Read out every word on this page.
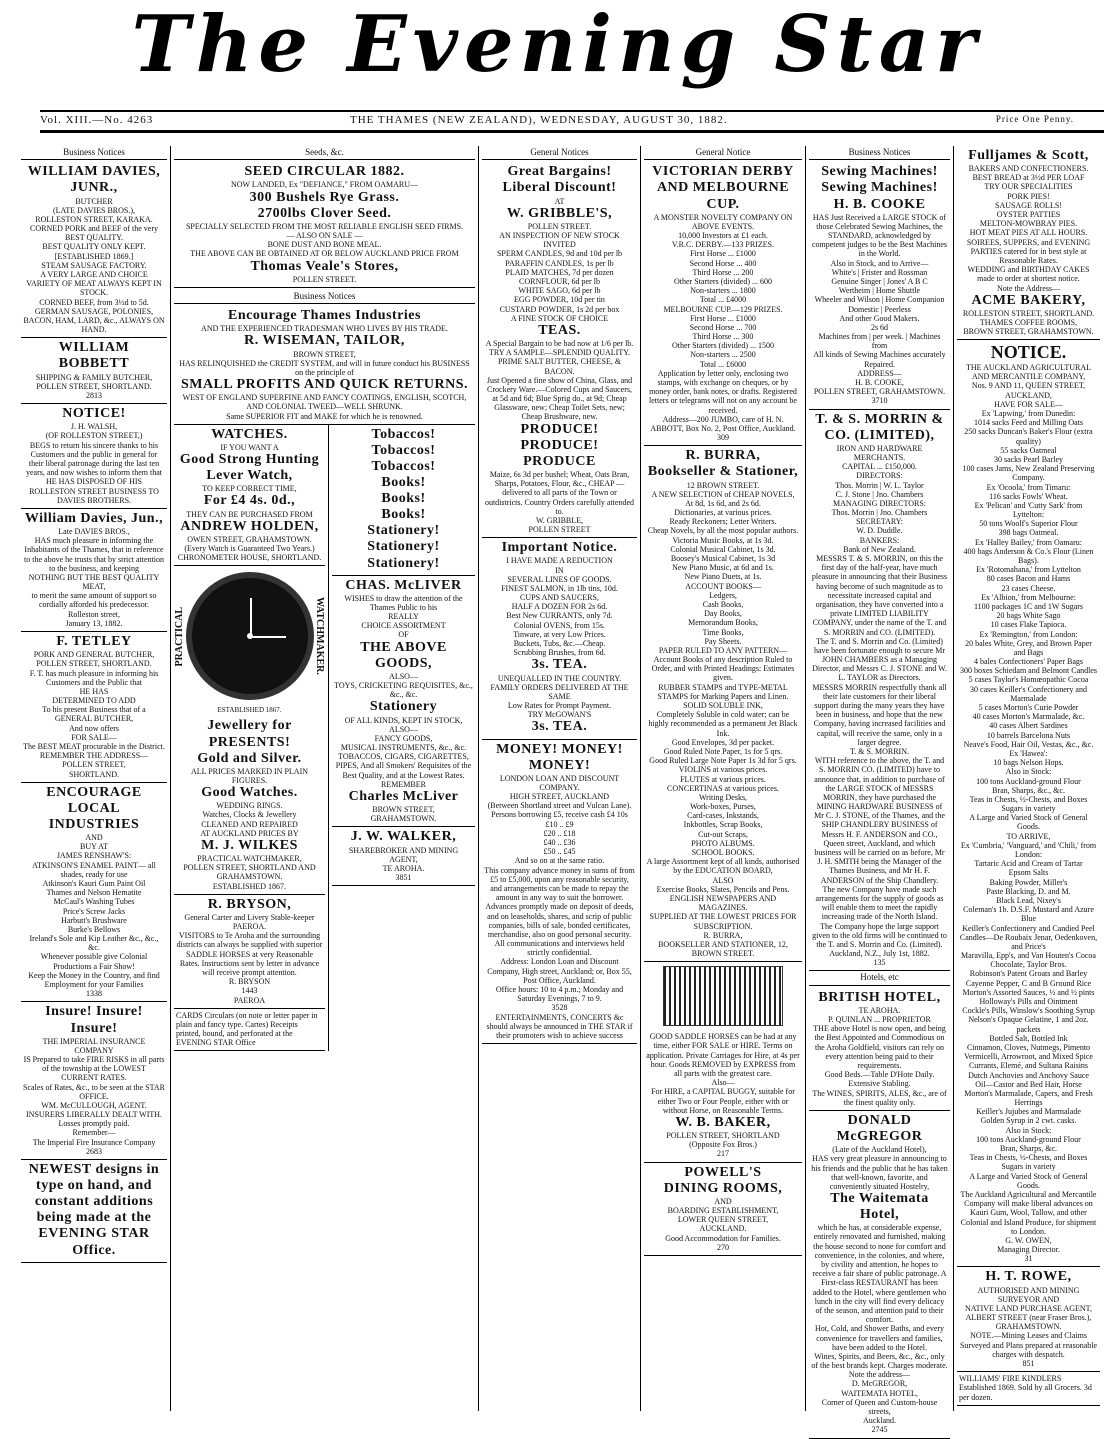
The Evening Star
Vol. XIII.—No. 4263	THE THAMES (NEW ZEALAND), WEDNESDAY, AUGUST 30, 1882.	Price One Penny.
Business Notices
WILLIAM DAVIES, JUNR.,
BUTCHER
(LATE DAVIES BROS.),
ROLLESTON STREET, KARAKA.
CORNED PORK and BEEF of the very BEST QUALITY.
BEST QUALITY ONLY KEPT.
[ESTABLISHED 1869.]
STEAM SAUSAGE FACTORY.
A VERY LARGE AND CHOICE VARIETY OF MEAT ALWAYS KEPT IN STOCK.
CORNED BEEF, from 3½d to 5d.
GERMAN SAUSAGE, POLONIES, BACON, HAM, LARD, &c., ALWAYS ON HAND.
WILLIAM BOBBETT
SHIPPING & FAMILY BUTCHER, POLLEN STREET, SHORTLAND.
2813
NOTICE!
J. H. WALSH,
(OF ROLLESTON STREET,)
BEGS to return his sincere thanks to his Customers and the public in general for their liberal patronage during the last ten years, and now wishes to inform them that
HE HAS DISPOSED OF HIS
ROLLESTON STREET BUSINESS TO
DAVIES BROTHERS.
William Davies, Jun.,
Late DAVIES BROS.,
HAS much pleasure in informing the Inhabitants of the Thames, that in reference to the above he trusts that by strict attention to the business, and keeping
NOTHING BUT THE BEST QUALITY MEAT,
to merit the same amount of support so cordially afforded his predecessor.
Rolleston street,
January 13, 1882.
F. TETLEY
PORK AND GENERAL BUTCHER,
POLLEN STREET, SHORTLAND.
F. T. has much pleasure in informing his Customers and the Public that
HE HAS
DETERMINED TO ADD
To his present Business that of a
GENERAL BUTCHER,
And now offers
FOR SALE—
The BEST MEAT procurable in the District.
REMEMBER THE ADDRESS—
POLLEN STREET,
SHORTLAND.
ENCOURAGE LOCAL INDUSTRIES
AND
BUY AT
JAMES RENSHAW'S:
ATKINSON'S ENAMEL PAINT— all shades, ready for use
Atkinson's Kauri Gum Paint Oil
Thames and Nelson Hematite
McCaul's Washing Tubes
Price's Screw Jacks
Harbutt's Brushware
Burke's Bellows
Ireland's Sole and Kip Leather &c., &c., &c.
Whenever possible give Colonial Productions a Fair Show!
Keep the Money in the Country, and find Employment for your Families
1338
Insure! Insure! Insure!
THE IMPERIAL INSURANCE COMPANY
IS Prepared to take FIRE RISKS in all parts of the township at the LOWEST CURRENT RATES.
Scales of Rates, &c., to be seen at the STAR OFFICE.
WM. McCULLOUGH, AGENT.
INSURERS LIBERALLY DEALT WITH. Losses promptly paid.
Remember—
The Imperial Fire Insurance Company
2683
NEWEST designs in type on hand, and constant additions being made at the EVENING STAR Office.
Seeds, &c.
SEED CIRCULAR 1882.
NOW LANDED, Ex "DEFIANCE," FROM OAMARU—
300 Bushels Rye Grass.
2700lbs Clover Seed.
SPECIALLY SELECTED FROM THE MOST RELIABLE ENGLISH SEED FIRMS.
— ALSO ON SALE —
BONE DUST AND BONE MEAL.
THE ABOVE CAN BE OBTAINED AT OR BELOW AUCKLAND PRICE FROM
Thomas Veale's Stores,
POLLEN STREET.
Business Notices
Encourage Thames Industries
AND THE EXPERIENCED TRADESMAN WHO LIVES BY HIS TRADE.
R. WISEMAN, TAILOR,
BROWN STREET,
HAS RELINQUISHED the CREDIT SYSTEM, and will in future conduct his BUSINESS on the principle of
SMALL PROFITS AND QUICK RETURNS.
WEST OF ENGLAND SUPERFINE AND FANCY COATINGS, ENGLISH, SCOTCH, AND COLONIAL TWEED—WELL SHRUNK.
Same SUPERIOR FIT and MAKE for which he is renowned.
WATCHES.
IF YOU WANT A
Good Strong Hunting Lever Watch,
TO KEEP CORRECT TIME,
For £4 4s. 0d.,
THEY CAN BE PURCHASED FROM
ANDREW HOLDEN,
OWEN STREET, GRAHAMSTOWN.
(Every Watch is Guaranteed Two Years.)
CHRONOMETER HOUSE, SHORTLAND.
PRACTICAL	WATCHMAKER.
ESTABLISHED 1867.
Jewellery for
PRESENTS!
Gold and Silver.
ALL PRICES MARKED IN PLAIN FIGURES.
Good Watches.
WEDDING RINGS.
Watches, Clocks & Jewellery
CLEANED AND REPAIRED
AT AUCKLAND PRICES BY
M. J. WILKES
PRACTICAL WATCHMAKER,
POLLEN STREET, SHORTLAND AND GRAHAMSTOWN.
ESTABLISHED 1867.
R. BRYSON,
General Carter and Livery Stable-keeper
PAEROA.
VISITORS to Te Aroha and the surrounding districts can always be supplied with superior SADDLE HORSES at very Reasonable Rates. Instructions sent by letter in advance will receive prompt attention.
R. BRYSON
1443
PAEROA
CARDS Circulars (on note or letter paper in plain and fancy type. Cartes) Receipts printed, bound, and perforated at the EVENING STAR Office
Tobaccos!
Tobaccos!
Tobaccos!
Books!
Books!
Books!
Stationery!
Stationery!
Stationery!
CHAS. McLIVER
WISHES to draw the attention of the Thames Public to his
REALLY
CHOICE ASSORTMENT
OF
THE ABOVE GOODS,
ALSO—
TOYS, CRICKETING REQUISITES, &c., &c., &c.
Stationery
OF ALL KINDS, KEPT IN STOCK,
ALSO—
FANCY GOODS,
MUSICAL INSTRUMENTS, &c., &c.
TOBACCOS, CIGARS, CIGARETTES, PIPES, And all Smokers' Requisites of the Best Quality, and at the Lowest Rates.
REMEMBER
Charles McLiver
BROWN STREET,
GRAHAMSTOWN.
J. W. WALKER,
SHAREBROKER AND MINING AGENT,
TE AROHA.
3851
General Notices
Great Bargains!
Liberal Discount!
AT
W. GRIBBLE'S,
POLLEN STREET.
AN INSPECTION OF NEW STOCK INVITED
SPERM CANDLES, 9d and 10d per lb
PARAFFIN CANDLES, 1s per lb
PLAID MATCHES, 7d per dozen
CORNFLOUR, 6d per lb
WHITE SAGO, 6d per lb
EGG POWDER, 10d per tin
CUSTARD POWDER, 1s 2d per box
A FINE STOCK OF CHOICE
TEAS.
A Special Bargain to be had now at 1/6 per lb. TRY A SAMPLE—SPLENDID QUALITY.
PRIME SALT BUTTER, CHEESE, & BACON.
Just Opened a fine show of China, Glass, and Crockery Ware.—Colored Cups and Saucers, at 5d and 6d; Blue Sprig do., at 9d; Cheap Glassware, new; Cheap Toilet Sets, new; Cheap Brushware, new.
PRODUCE! PRODUCE! PRODUCE
Maize, 6s 3d per bushel; Wheat, Oats Bran, Sharps, Potatoes, Flour, &c., CHEAP —delivered to all parts of the Town or outdistricts. Country Orders carefully attended to.
W. GRIBBLE,
POLLEN STREET
Important Notice.
I HAVE MADE A REDUCTION
IN
SEVERAL LINES OF GOODS.
FINEST SALMON, in 1lb tins, 10d.
CUPS AND SAUCERS,
HALF A DOZEN FOR 2s 6d.
Best New CURRANTS, only 7d.
Colonial OVENS, from 15s.
Tinware, at very Low Prices.
Buckets, Tubs, &c.—Cheap.
Scrubbing Brushes, from 6d.
3s. TEA.
UNEQUALLED IN THE COUNTRY.
FAMILY ORDERS DELIVERED AT THE SAME
Low Rates for Prompt Payment.
TRY McGOWAN'S
3s. TEA.
MONEY! MONEY! MONEY!
LONDON LOAN AND DISCOUNT COMPANY.
HIGH STREET, AUCKLAND
(Between Shortland street and Vulcan Lane).
Persons borrowing £5, receive cash £4 10s
£10 .. £9
£20 .. £18
£40 .. £36
£50 .. £45
And so on at the same ratio.
This company advance money in sums of from £5 to £5,000, upon any reasonable security, and arrangements can be made to repay the amount in any way to suit the borrower.
Advances promptly made on deposit of deeds, and on leaseholds, shares, and scrip of public companies, bills of sale, bonded certificates, merchandise, also on good personal security.
All communications and interviews held strictly confidential.
Address: London Loan and Discount Company, High street, Auckland; or, Box 55, Post Office, Auckland.
Office hours: 10 to 4 p.m.; Monday and Saturday Evenings, 7 to 9.
3528
ENTERTAINMENTS, CONCERTS &c should always be announced in THE STAR if their promoters wish to achieve success
General Notice
VICTORIAN DERBY AND MELBOURNE CUP.
A MONSTER NOVELTY COMPANY ON ABOVE EVENTS.
10,000 Investors at £1 each.
V.R.C. DERBY.—133 PRIZES.
First Horse ... £1000
Second Horse ... 400
Third Horse ... 200
Other Starters (divided) ... 600
Non-starters ... 1800
Total ... £4000
MELBOURNE CUP.—129 PRIZES.
First Horse ... £1000
Second Horse ... 700
Third Horse ... 300
Other Starters (divided) ... 1500
Non-starters ... 2500
Total ... £6000
Application by letter only, enclosing two stamps, with exchange on cheques, or by money order, bank notes, or drafts. Registered letters or telegrams will not on any account be received.
Address—200 JUMBO, care of H. N. ABBOTT, Box No. 2, Post Office, Auckland.
309
R. BURRA,
Bookseller & Stationer,
12 BROWN STREET.
A NEW SELECTION of CHEAP NOVELS,
At 8d, 1s 6d, and 2s 6d.
Dictionaries, at various prices.
Ready Reckoners; Letter Writers.
Cheap Novels, by all the most popular authors.
Victoria Music Books, at 1s 3d.
Colonial Musical Cabinet, 1s 3d.
Boosey's Musical Cabinet, 1s 3d
New Piano Music, at 6d and 1s.
New Piano Duets, at 1s.
ACCOUNT BOOKS—
Ledgers,
Cash Books,
Day Books,
Memorandum Books,
Time Books,
Pay Sheets.
PAPER RULED TO ANY PATTERN—
Account Books of any description Ruled to Order, and with Printed Headings: Estimates given.
RUBBER STAMPS and TYPE-METAL STAMPS for Marking Papers and Linen.
SOLID SOLUBLE INK,
Completely Soluble in cold water; can be highly recommended as a permanent Jet Black Ink.
Good Envelopes, 3d per packet.
Good Ruled Note Paper, 1s for 5 qrs.
Good Ruled Large Note Paper 1s 3d for 5 qrs.
VIOLINS at various prices.
FLUTES at various prices.
CONCERTINAS at various prices.
Writing Desks,
Work-boxes, Purses,
Card-cases, Inkstands,
Inkbottles, Scrap Books,
Cut-out Scraps,
PHOTO ALBUMS.
SCHOOL BOOKS.
A large Assortment kept of all kinds, authorised by the EDUCATION BOARD,
ALSO
Exercise Books, Slates, Pencils and Pens.
ENGLISH NEWSPAPERS AND MAGAZINES.
SUPPLIED AT THE LOWEST PRICES FOR SUBSCRIPTION.
R. BURRA,
BOOKSELLER AND STATIONER, 12, BROWN STREET.
GOOD SADDLE HORSES can be had at any time, either FOR SALE or HIRE. Terms on application. Private Carriages for Hire, at 4s per hour. Goods REMOVED by EXPRESS from all parts with the greatest care.
Also—
For HIRE, a CAPITAL BUGGY, suitable for either Two or Four People, either with or without Horse, on Reasonable Terms.
W. B. BAKER,
POLLEN STREET, SHORTLAND
(Opposite Fox Bros.)
217
POWELL'S
DINING ROOMS,
AND
BOARDING ESTABLISHMENT,
LOWER QUEEN STREET,
AUCKLAND.
Good Accommodation for Families.
270
Business Notices
Sewing Machines!
Sewing Machines!
H. B. COOKE
HAS Just Received a LARGE STOCK of those Celebrated Sewing Machines, the STANDARD, acknowledged by competent judges to be the Best Machines in the World.
Also in Stock, and to Arrive—
White's | Frister and Rossman
Genuine Singer | Jones' A B C
Wertheim | Home Shuttle
Wheeler and Wilson | Home Companion
Domestic | Peerless
And other Good Makers.
2s 6d
Machines from | per week. | Machines from
All kinds of Sewing Machines accurately Repaired.
ADDRESS—
H. B. COOKE,
POLLEN STREET, GRAHAMSTOWN.
3710
T. & S. MORRIN & CO. (LIMITED),
IRON AND HARDWARE MERCHANTS.
CAPITAL ... £150,000.
DIRECTORS:
Thos. Morrin | W. L. Taylor
C. J. Stone | Jno. Chambers
MANAGING DIRECTORS:
Thos. Morrin | Jno. Chambers
SECRETARY:
W. D. Duddle.
BANKERS:
Bank of New Zealand.
MESSRS T. & S. MORRIN, on this the first day of the half-year, have much pleasure in announcing that their Business having become of such magnitude as to necessitate increased capital and organisation, they have converted into a private LIMITED LIABILITY COMPANY, under the name of the T. and S. MORRIN and CO. (LIMITED).
The T. and S. Morrin and Co. (Limited) have been fortunate enough to secure Mr JOHN CHAMBERS as a Managing Director, and Messrs C. J. STONE and W. L. TAYLOR as Directors.
MESSRS MORRIN respectfully thank all their late customers for their liberal support during the many years they have been in business, and hope that the new Company, having increased facilities and capital, will receive the same, only in a larger degree.
T. & S. MORRIN.
WITH reference to the above, the T. and S. MORRIN CO. (LIMITED) have to announce that, in addition to purchase of the LARGE STOCK of MESSRS MORRIN, they have purchased the MINING HARDWARE BUSINESS of Mr C. J. STONE, of the Thames, and the SHIP CHANDLERY BUSINESS of Messrs H. F. ANDERSON and CO., Queen street, Auckland, and which business will be carried on as before, Mr J. H. SMITH being the Manager of the Thames Business, and Mr H. F. ANDERSON of the Ship Chandlery.
The new Company have made such arrangements for the supply of goods as will enable them to meet the rapidly increasing trade of the North Island.
The Company hope the large support given to the old firms will be continued to the T. and S. Morrin and Co. (Limited).
Auckland, N.Z., July 1st, 1882.
135
Hotels, etc
BRITISH HOTEL,
TE AROHA.
P. QUINLAN ... PROPRIETOR
THE above Hotel is now open, and being the Best Appointed and Commodious on the Aroha Goldfield, visitors can rely on every attention being paid to their requirements.
Good Beds.—Table D'Hote Daily.
Extensive Stabling.
The WINES, SPIRITS, ALES, &c., are of the finest quality only.
DONALD McGREGOR
(Late of the Auckland Hotel),
HAS very great pleasure in announcing to his friends and the public that he has taken that well-known, favorite, and conveniently situated Hostelry,
The Waitemata Hotel,
which he has, at considerable expense, entirely renovated and furnished, making the house second to none for comfort and convenience, in the colonies, and where, by civility and attention, he hopes to receive a fair share of public patronage. A First-class RESTAURANT has been added to the Hotel, where gentlemen who lunch in the city will find every delicacy of the season, and attention paid to their comfort.
Hot, Cold, and Shower Baths, and every convenience for travellers and families, have been added to the Hotel.
Wines, Spirits, and Beers, &c., &c., only of the best brands kept. Charges moderate.
Note the address—
D. McGREGOR,
WAITEMATA HOTEL,
Corner of Queen and Custom-house streets,
Auckland.
2745
Fulljames & Scott,
BAKERS AND CONFECTIONERS.
BEST BREAD at 3½d PER LOAF
TRY OUR SPECIALITIES
PORK PIES!
SAUSAGE ROLLS!
OYSTER PATTIES
MELTON-MOWBRAY PIES.
HOT MEAT PIES AT ALL HOURS.
SOIREES, SUPPERS, and EVENING PARTIES catered for in best style at Reasonable Rates.
WEDDING and BIRTHDAY CAKES made to order at shortest notice.
Note the Address—
ACME BAKERY,
ROLLESTON STREET, SHORTLAND.
THAMES COFFEE ROOMS,
BROWN STREET, GRAHAMSTOWN.
NOTICE.
THE AUCKLAND AGRICULTURAL AND MERCANTILE COMPANY,
Nos. 9 AND 11, QUEEN STREET, AUCKLAND,
HAVE FOR SALE—
Ex 'Lapwing,' from Dunedin:
1014 sacks Feed and Milling Oats
250 sacks Duncan's Baker's Flour (extra quality)
55 sacks Oatmeal
30 sacks Pearl Barley
100 cases Jams, New Zealand Preserving Company.
Ex 'Ocoola,' from Timaru:
116 sacks Fowls' Wheat.
Ex 'Pelican' and 'Cutty Sark' from Lyttelton:
50 tons Woolf's Superior Flour
398 bags Oatmeal.
Ex 'Halley Bailey,' from Oamaru:
400 bags Anderson & Co.'s Flour (Linen Bags).
Ex 'Rotomahana,' from Lyttelton
80 cases Bacon and Hams
23 cases Cheese.
Ex 'Albion,' from Melbourne:
1100 packages 1C and 1W Sugars
20 bags White Sago
10 cases Flake Tapioca.
Ex 'Remington,' from London:
20 bales White, Grey, and Brown Paper and Bags
4 bales Confectioners' Paper Bags
300 boxes Schiedam and Belmont Candles
5 cases Taylor's Homœopathic Cocoa
30 cases Keiller's Confectionery and Marmalade
5 cases Morton's Curie Powder
40 cases Morton's Marmalade, &c.
40 cases Albert Sardines
10 barrels Barcelona Nuts
Neave's Food, Hair Oil, Vestas, &c., &c.
Ex 'Hawea':
10 bags Nelson Hops.
Also in Stock:
100 tons Auckland-ground Flour
Bran, Sharps, &c., &c.
Teas in Chests, ½-Chests, and Boxes
Sugars in variety
A Large and Varied Stock of General Goods.
TO ARRIVE,
Ex 'Cumbria,' 'Vanguard,' and 'Chili,' from London:
Tartaric Acid and Cream of Tartar
Epsom Salts
Baking Powder, Miller's
Paste Blacking, D. and M.
Black Lead, Nixey's
Coleman's 1b. D.S.F. Mustard and Azure Blue
Keiller's Confectionery and Candied Peel
Candles—De Roubaix Jenar, Oedenkoven, and Price's
Maravilla, Epp's, and Van Houten's Cocoa
Chocolate, Taylor Bros.
Robinson's Patent Groats and Barley
Cayenne Pepper, C and B Ground Rice
Morton's Assorted Sauces, ½ and ½ pints
Holloway's Pills and Ointment
Cockle's Pills, Winslow's Soothing Syrup
Nelson's Opaque Gelatine, 1 and 2oz. packets
Bottled Salt, Bottled Ink
Cinnamon, Cloves, Nutmegs, Pimento
Vermicelli, Arrowroot, and Mixed Spice
Currants, Elemé, and Sultana Raisins
Dutch Anchovies and Anchovy Sauce
Oil—Castor and Bed Hair, Horse
Morton's Marmalade, Capers, and Fresh Herrings
Keiller's Jujubes and Marmalade
Golden Syrup in 2 cwt. casks.
Also in Stock:
100 tons Auckland-ground Flour
Bran, Sharps, &c.
Teas in Chests, ½-Chests, and Boxes
Sugars in variety
A Large and Varied Stock of General Goods.
The Auckland Agricultural and Mercantile Company will make liberal advances on Kauri Gum, Wool, Tallow, and other Colonial and Island Produce, for shipment to London.
G. W. OWEN,
Managing Director.
31
H. T. ROWE,
AUTHORISED AND MINING SURVEYOR AND
NATIVE LAND PURCHASE AGENT,
ALBERT STREET (near Fraser Bros.),
GRAHAMSTOWN.
NOTE.—Mining Leases and Claims Surveyed and Plans prepared at reasonable charges with despatch.
851
WILLIAMS' FIRE KINDLERS Established 1869. Sold by all Grocers. 3d per dozen.
